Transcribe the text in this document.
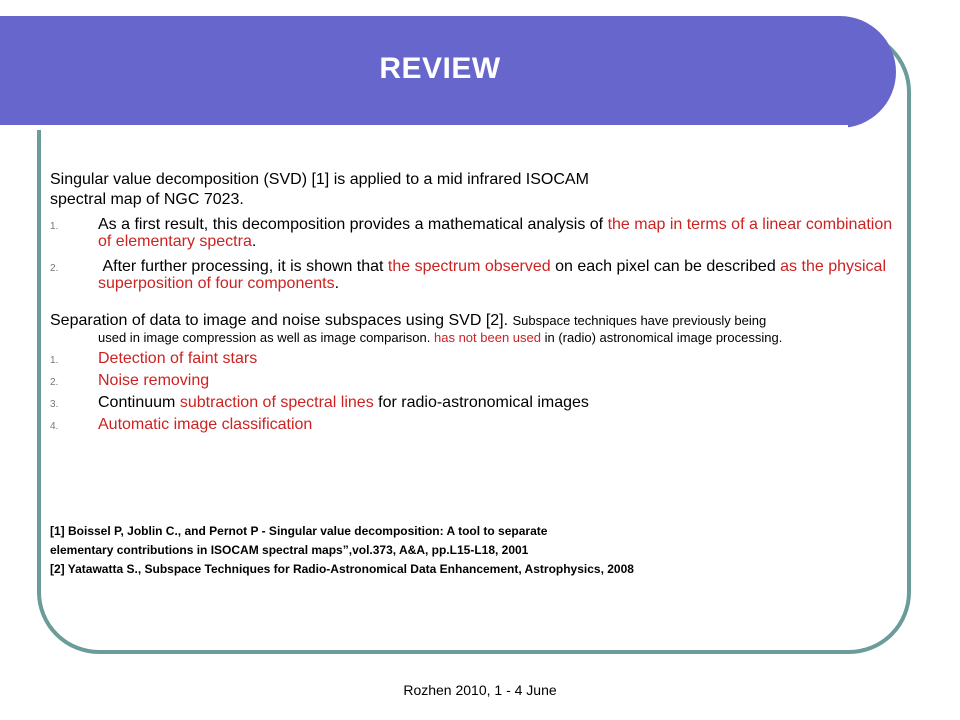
REVIEW

Singular value decomposition (SVD) [1] is applied to a mid infrared ISOCAM
spectral map of NGC 7023.

1. As a first result, this decomposition provides a mathematical analysis of the map in terms of a linear combination of elementary spectra.
2. After further processing, it is shown that the spectrum observed on each pixel can be described as the physical superposition of four components.

Separation of data to image and noise subspaces using SVD [2]. Subspace techniques have previously being
used in image compression as well as image comparison. has not been used in (radio) astronomical image processing.

1. Detection of faint stars
2. Noise removing
3. Continuum subtraction of spectral lines for radio-astronomical images
4. Automatic image classification

[1] Boissel P, Joblin C., and Pernot P - Singular value decomposition: A tool to separate

elementary contributions in ISOCAM spectral maps”,vol.373, A&A, pp.L15-L18, 2001

[2] Yatawatta S., Subspace Techniques for Radio-Astronomical Data Enhancement, Astrophysics, 2008

Rozhen 2010, 1 - 4 June
